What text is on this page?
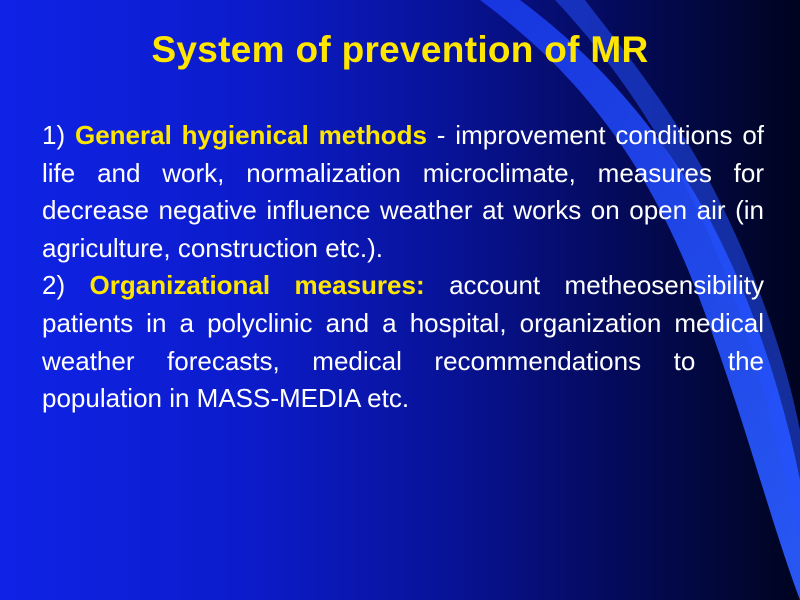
System of prevention of MR

1) General hygienical methods - improvement conditions of life and work, normalization microclimate, measures for decrease negative influence weather at works on open air (in agriculture, construction etc.).

2) Organizational measures: account metheosensibility patients in a polyclinic and a hospital, organization medical weather forecasts, medical recommendations to the population in MASS-MEDIA etc.
